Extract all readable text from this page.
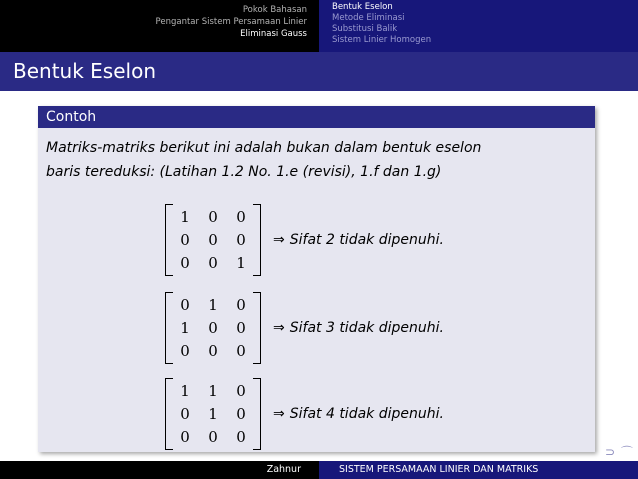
Pokok Bahasan
Pengantar Sistem Persamaan Linier
Eliminasi Gauss
Bentuk Eselon
Metode Eliminasi
Substitusi Balik
Sistem Linier Homogen
Bentuk Eselon
Contoh
Matriks-matriks berikut ini adalah bukan dalam bentuk eselon
baris tereduksi: (Latihan 1.2 No. 1.e (revisi), 1.f dan 1.g)
1	0	0
0	0	0
0	0	1
⇒ Sifat 2 tidak dipenuhi.
0	1	0
1	0	0
0	0	0
⇒ Sifat 3 tidak dipenuhi.
1	1	0
0	1	0
0	0	0
⇒ Sifat 4 tidak dipenuhi.
⊃ ⌒
Zahnur	SISTEM PERSAMAAN LINIER DAN MATRIKS
